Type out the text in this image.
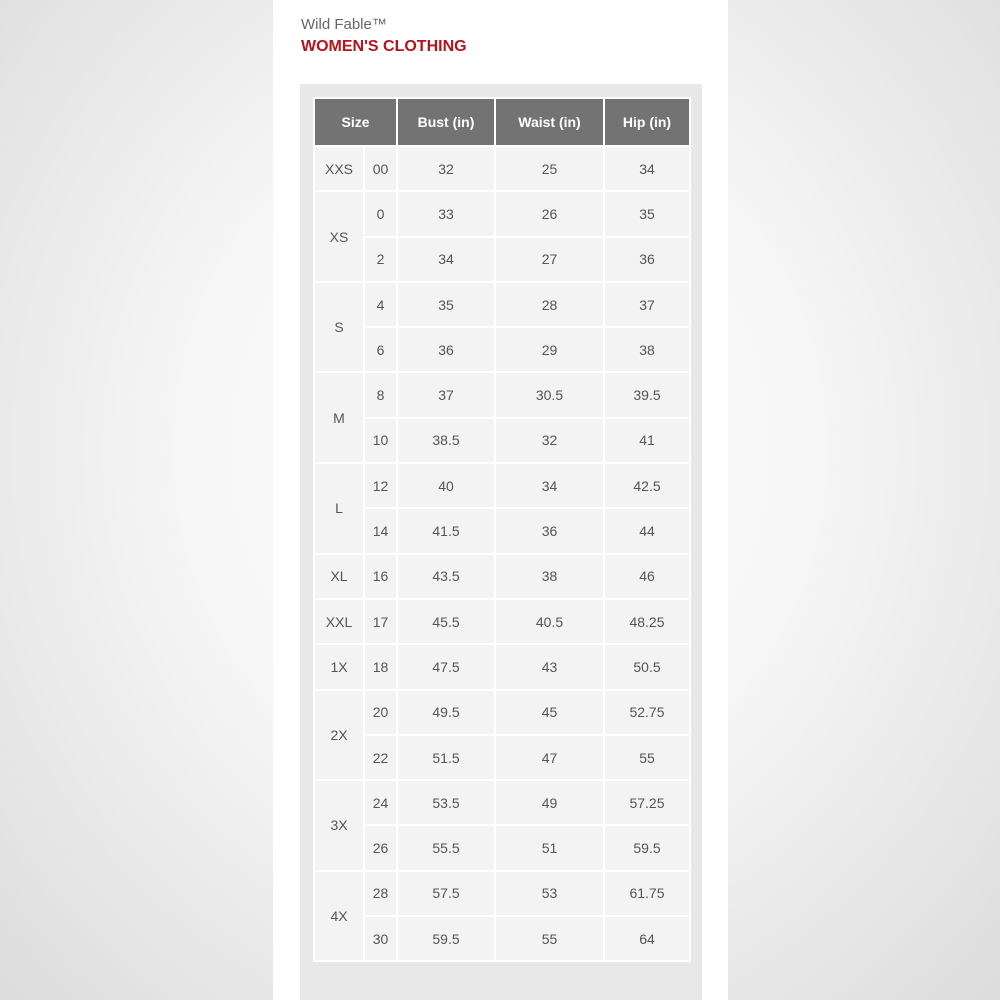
Wild Fable™
WOMEN'S CLOTHING
Size		Bust (in)	Waist (in)	Hip (in)
XXS	00	32	25	34
XS	0	33	26	35
	2	34	27	36
S	4	35	28	37
	6	36	29	38
M	8	37	30.5	39.5
	10	38.5	32	41
L	12	40	34	42.5
	14	41.5	36	44
XL	16	43.5	38	46
XXL	17	45.5	40.5	48.25
1X	18	47.5	43	50.5
2X	20	49.5	45	52.75
	22	51.5	47	55
3X	24	53.5	49	57.25
	26	55.5	51	59.5
4X	28	57.5	53	61.75
	30	59.5	55	64
